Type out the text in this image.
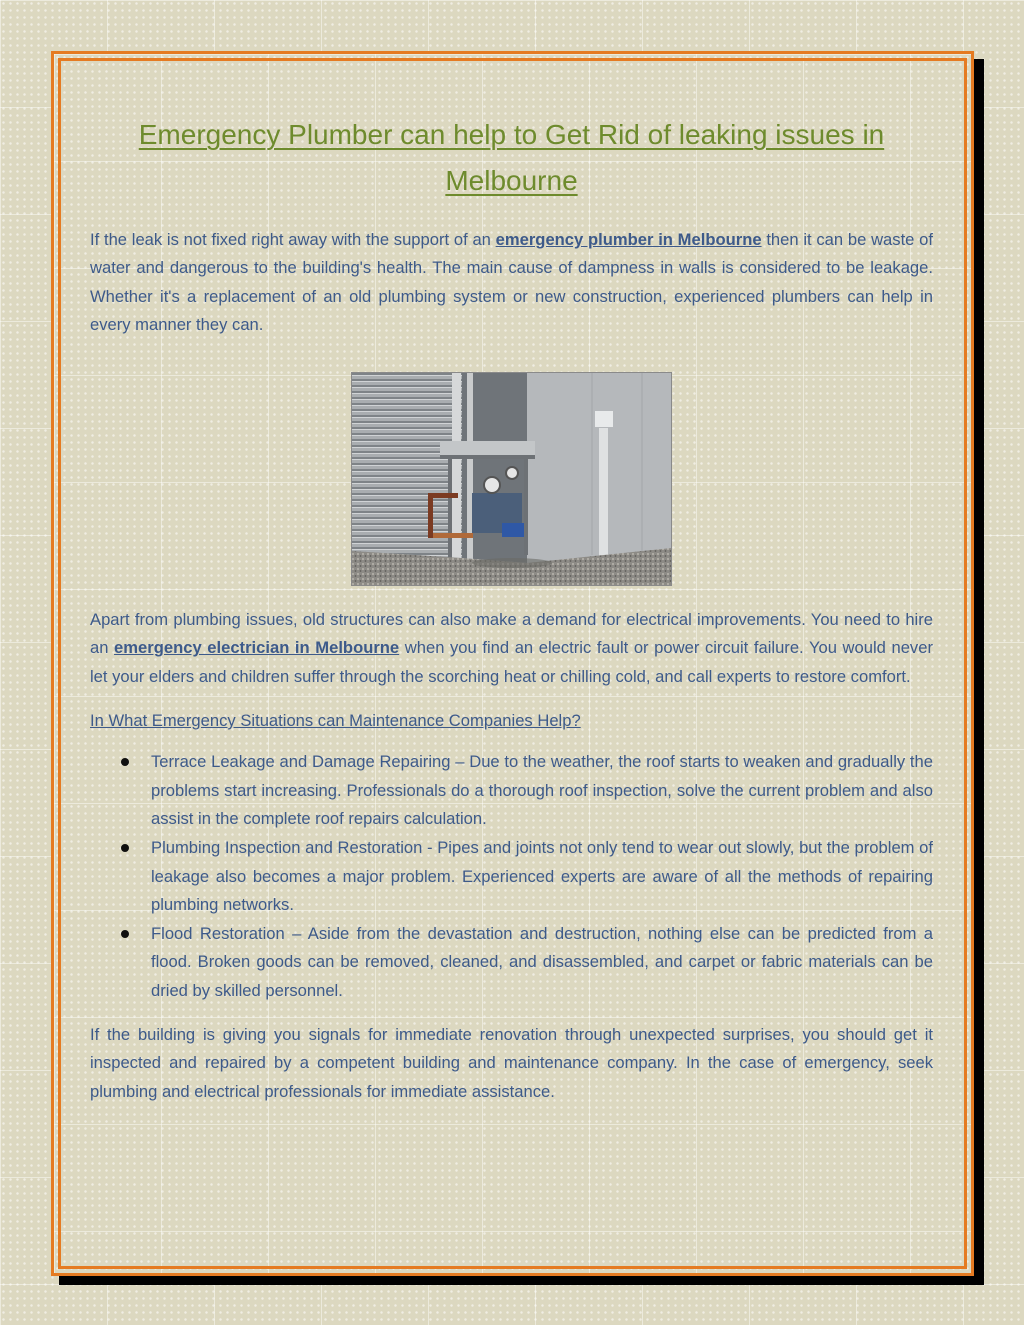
Emergency Plumber can help to Get Rid of leaking issues in Melbourne

If the leak is not fixed right away with the support of an emergency plumber in Melbourne then it can be waste of water and dangerous to the building's health. The main cause of dampness in walls is considered to be leakage. Whether it's a replacement of an old plumbing system or new construction, experienced plumbers can help in every manner they can.

Apart from plumbing issues, old structures can also make a demand for electrical improvements. You need to hire an emergency electrician in Melbourne when you find an electric fault or power circuit failure. You would never let your elders and children suffer through the scorching heat or chilling cold, and call experts to restore comfort.

In What Emergency Situations can Maintenance Companies Help?

Terrace Leakage and Damage Repairing – Due to the weather, the roof starts to weaken and gradually the problems start increasing. Professionals do a thorough roof inspection, solve the current problem and also assist in the complete roof repairs calculation.
Plumbing Inspection and Restoration - Pipes and joints not only tend to wear out slowly, but the problem of leakage also becomes a major problem. Experienced experts are aware of all the methods of repairing plumbing networks.
Flood Restoration – Aside from the devastation and destruction, nothing else can be predicted from a flood. Broken goods can be removed, cleaned, and disassembled, and carpet or fabric materials can be dried by skilled personnel.

If the building is giving you signals for immediate renovation through unexpected surprises, you should get it inspected and repaired by a competent building and maintenance company. In the case of emergency, seek plumbing and electrical professionals for immediate assistance.
